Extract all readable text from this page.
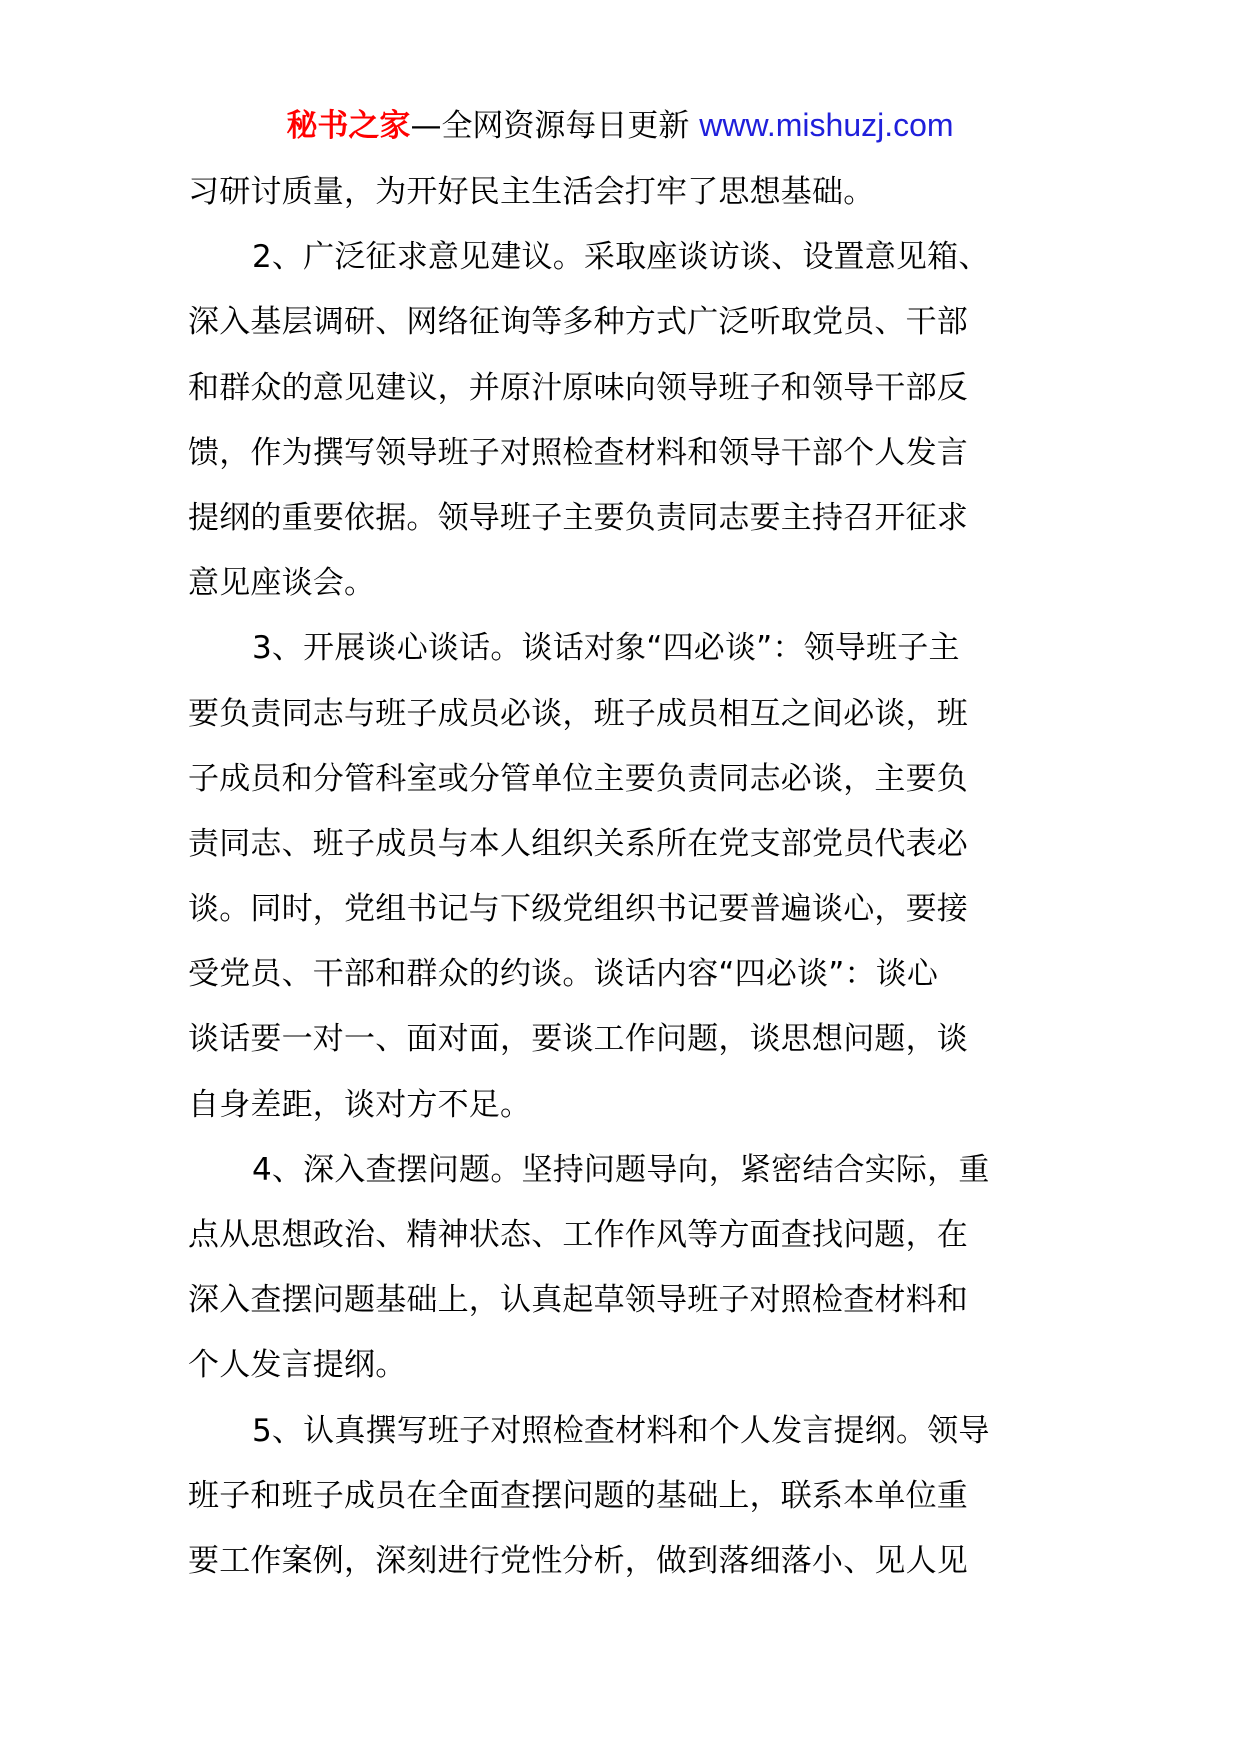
秘书之家—全网资源每日更新 www.mishuzj.com
习研讨质量，为开好民主生活会打牢了思想基础。
2、广泛征求意见建议。采取座谈访谈、设置意见箱、
深入基层调研、网络征询等多种方式广泛听取党员、干部
和群众的意见建议，并原汁原味向领导班子和领导干部反
馈，作为撰写领导班子对照检查材料和领导干部个人发言
提纲的重要依据。领导班子主要负责同志要主持召开征求
意见座谈会。
3、开展谈心谈话。谈话对象“四必谈”：领导班子主
要负责同志与班子成员必谈，班子成员相互之间必谈，班
子成员和分管科室或分管单位主要负责同志必谈，主要负
责同志、班子成员与本人组织关系所在党支部党员代表必
谈。同时，党组书记与下级党组织书记要普遍谈心，要接
受党员、干部和群众的约谈。谈话内容“四必谈”：谈心
谈话要一对一、面对面，要谈工作问题，谈思想问题，谈
自身差距，谈对方不足。
4、深入查摆问题。坚持问题导向，紧密结合实际，重
点从思想政治、精神状态、工作作风等方面查找问题，在
深入查摆问题基础上，认真起草领导班子对照检查材料和
个人发言提纲。
5、认真撰写班子对照检查材料和个人发言提纲。领导
班子和班子成员在全面查摆问题的基础上，联系本单位重
要工作案例，深刻进行党性分析，做到落细落小、见人见
